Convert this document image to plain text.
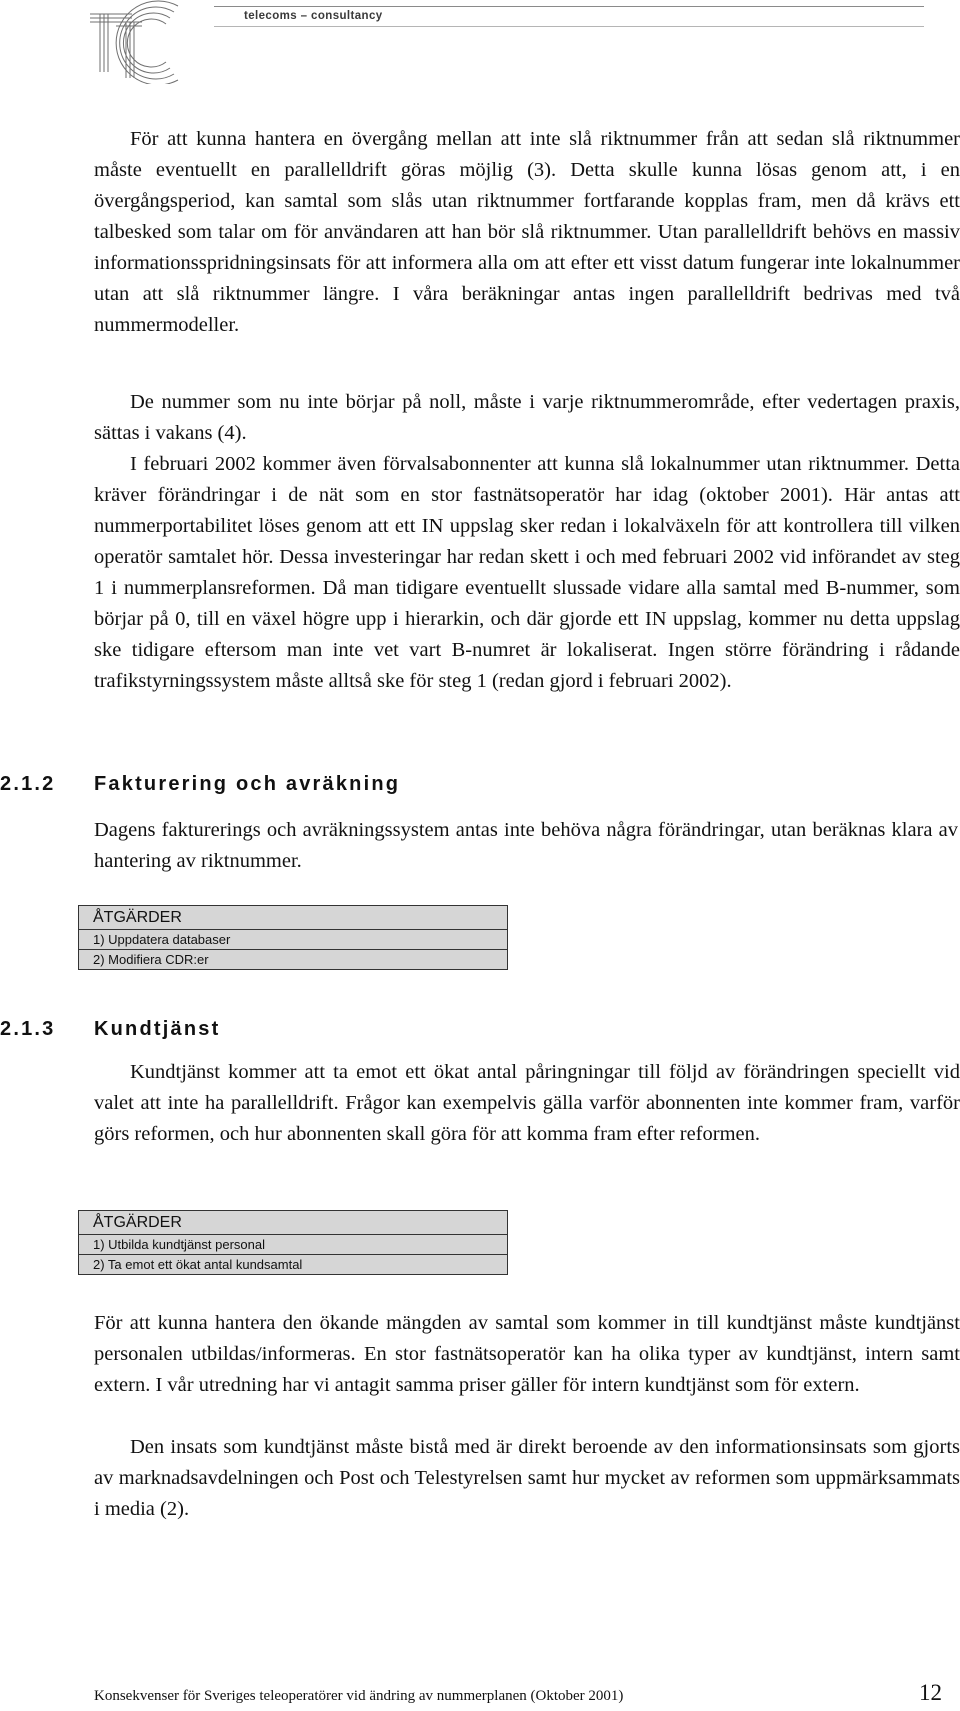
telecoms – consultancy

För att kunna hantera en övergång mellan att inte slå riktnummer från att sedan slå riktnummer måste eventuellt en parallelldrift göras möjlig (3). Detta skulle kunna lösas genom att, i en övergångsperiod, kan samtal som slås utan riktnummer fortfarande kopplas fram, men då krävs ett talbesked som talar om för användaren att han bör slå riktnummer. Utan parallelldrift behövs en massiv informationsspridningsinsats för att informera alla om att efter ett visst datum fungerar inte lokalnummer utan att slå riktnummer längre. I våra beräkningar antas ingen parallelldrift bedrivas med två nummermodeller.

De nummer som nu inte börjar på noll, måste i varje riktnummerområde, efter vedertagen praxis, sättas i vakans (4).

I februari 2002 kommer även förvalsabonnenter att kunna slå lokalnummer utan riktnummer. Detta kräver förändringar i de nät som en stor fastnätsoperatör har idag (oktober 2001). Här antas att nummerportabilitet löses genom att ett IN uppslag sker redan i lokalväxeln för att kontrollera till vilken operatör samtalet hör. Dessa investeringar har redan skett i och med februari 2002 vid införandet av steg 1 i nummerplansreformen. Då man tidigare eventuellt slussade vidare alla samtal med B-nummer, som börjar på 0, till en växel högre upp i hierarkin, och där gjorde ett IN uppslag, kommer nu detta uppslag ske tidigare eftersom man inte vet vart B-numret är lokaliserat. Ingen större förändring i rådande trafikstyrningssystem måste alltså ske för steg 1 (redan gjord i februari 2002).

2.1.2 Fakturering och avräkning

Dagens fakturerings och avräkningssystem antas inte behöva några förändringar, utan beräknas klara av hantering av riktnummer.

ÅTGÄRDER
1) Uppdatera databaser
2) Modifiera CDR:er
2.1.3 Kundtjänst

Kundtjänst kommer att ta emot ett ökat antal påringningar till följd av förändringen speciellt vid valet att inte ha parallelldrift. Frågor kan exempelvis gälla varför abonnenten inte kommer fram, varför görs reformen, och hur abonnenten skall göra för att komma fram efter reformen.

ÅTGÄRDER
1) Utbilda kundtjänst personal
2) Ta emot ett ökat antal kundsamtal

För att kunna hantera den ökande mängden av samtal som kommer in till kundtjänst måste kundtjänst personalen utbildas/informeras. En stor fastnätsoperatör kan ha olika typer av kundtjänst, intern samt extern. I vår utredning har vi antagit samma priser gäller för intern kundtjänst som för extern.

Den insats som kundtjänst måste bistå med är direkt beroende av den informationsinsats som gjorts av marknadsavdelningen och Post och Telestyrelsen samt hur mycket av reformen som uppmärksammats i media (2).

Konsekvenser för Sveriges teleoperatörer vid ändring av nummerplanen (Oktober 2001)	12
